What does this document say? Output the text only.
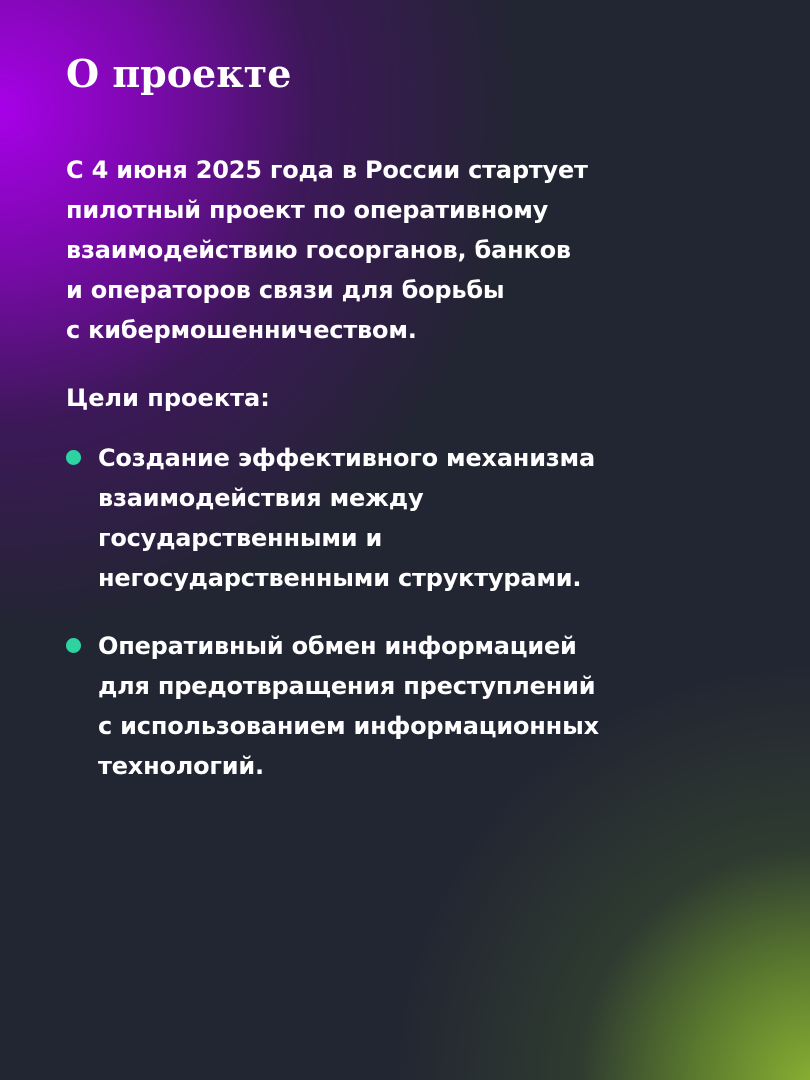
О проекте

С 4 июня 2025 года в России стартует
пилотный проект по оперативному
взаимодействию госорганов, банков
и операторов связи для борьбы
с кибермошенничеством.

Цели проекта:

Создание эффективного механизма
взаимодействия между
государственными и
негосударственными структурами.

Оперативный обмен информацией
для предотвращения преступлений
с использованием информационных
технологий.
